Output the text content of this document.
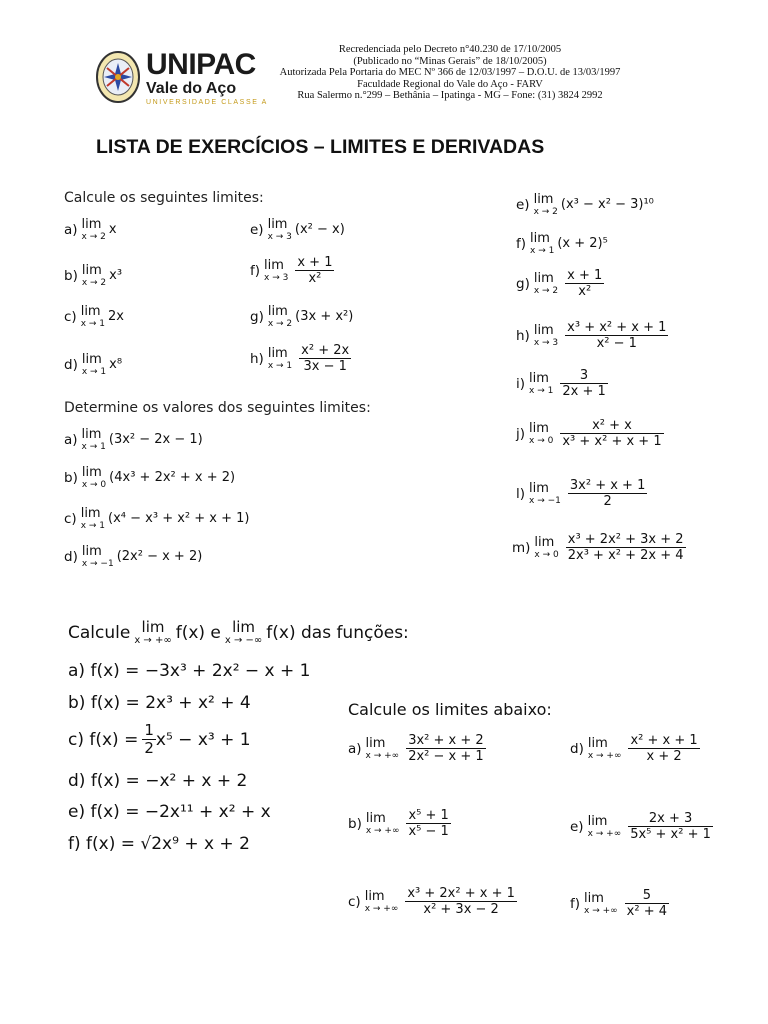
UNIPAC
Vale do Aço
UNIVERSIDADE CLASSE A
Recredenciada pelo Decreto n°40.230 de 17/10/2005
(Publicado no “Minas Gerais” de 18/10/2005)
Autorizada Pela Portaria do MEC Nº 366 de 12/03/1997 – D.O.U. de 13/03/1997
Faculdade Regional do Vale do Aço - FARV
Rua Salermo n.°299 – Bethânia – Ipatinga - MG – Fone: (31) 3824 2992
LISTA DE EXERCÍCIOS – LIMITES E DERIVADAS
Calcule os seguintes limites:
a) lim
x → 2 x
b) lim
x → 2 x³
c) lim
x → 1 2x
d) lim
x → 1 x⁸
e) lim
x → 3 (x² − x)
f) lim
$x \to 3 \frac{x + 1}{\text{x²}}$
g) lim
x → 2 (3x + x²)
h) lim
$x \to 1 \frac{\text{x² + 2x}}{3x - 1}$
Determine os valores dos seguintes limites:
a) lim
x → 1 (3x² − 2x − 1)
b) lim
x → 0 (4x³ + 2x² + x + 2)
c) lim
x → 1 (x⁴ − x³ + x² + x + 1)
d) lim
x → −1 (2x² − x + 2)
e) lim
x → 2 (x³ − x² − 3)¹⁰
f) lim
x → 1 (x + 2)⁵
g) lim
$x \to 2 \frac{x + 1}{\text{x²}}$
h) lim
$x \to 3 \frac{\text{x³ + x² + x + 1}}{\text{x² − 1}}$
i) lim
$x \to 1 \frac{3}{2x + 1}$
j) lim
$x \to 0 \frac{\text{x² + x}}{\text{x³ + x² + x + 1}}$
l) lim
$x \to -1 \frac{\text{3x² + x + 1}}{2}$
m) lim
$x \to 0 \frac{\text{x³ + 2x² + 3x + 2}}{\text{2x³ + x² + 2x + 4}}$
Calcule lim
x → +∞ f(x) e lim
x → −∞ f(x) das funções:
a) f(x) = −3x³ + 2x² − x + 1
b) f(x) = 2x³ + x² + 4
c) $f(x) = \frac{1}{2} x^5 - x^3 + 1$
d) f(x) = −x² + x + 2
e) f(x) = −2x¹¹ + x² + x
f) f(x) = √2x⁹ + x + 2
Calcule os limites abaixo:
a) lim
x → +∞ $\frac{\text{3x² + x + 2}}{\text{2x² − x + 1}}$
b) lim
x → +∞ $\frac{\text{x⁵ + 1}}{\text{x⁵ − 1}}$
c) lim
x → +∞ $\frac{\text{x³ + 2x² + x + 1}}{\text{x² + 3x − 2}}$
d) lim
x → +∞ $\frac{\text{x² + x + 1}}{x + 2}$
e) lim
x → +∞ $\frac{2x + 3}{\text{5x⁵ + x² + 1}}$
f) lim
x → +∞ $\frac{5}{\text{x² + 4}}$
